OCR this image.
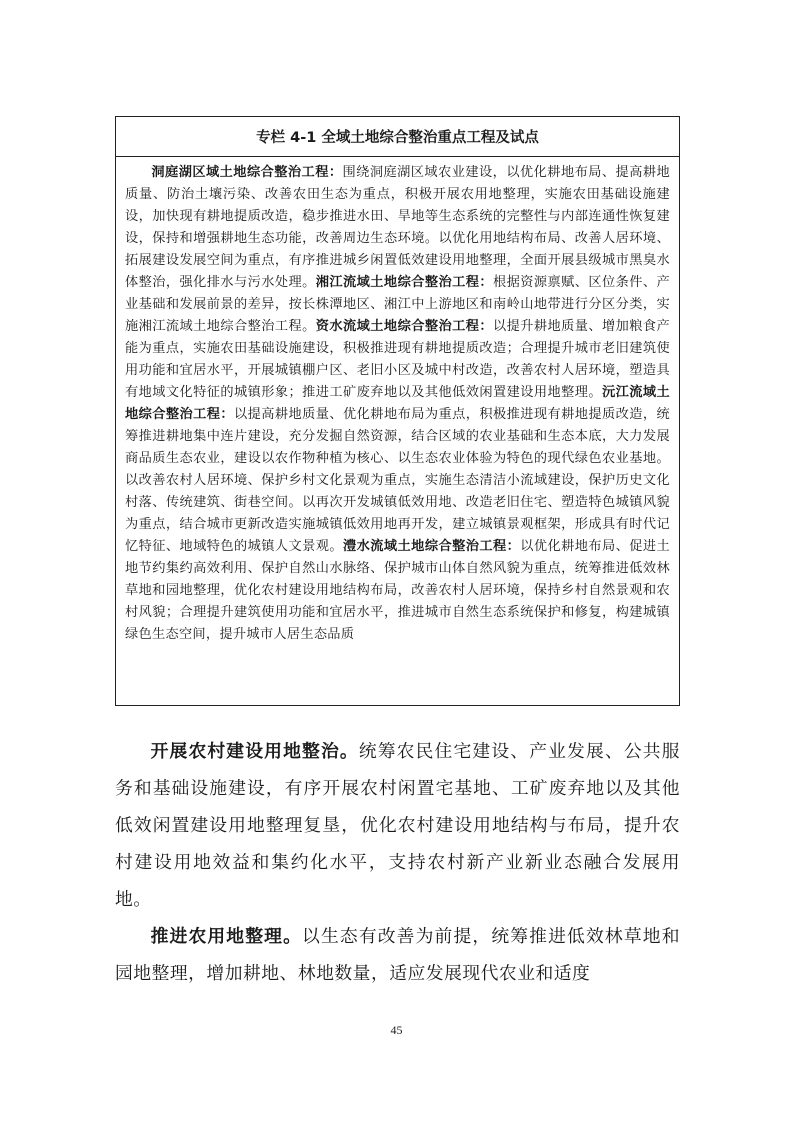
专栏 4-1 全域土地综合整治重点工程及试点
洞庭湖区域土地综合整治工程：围绕洞庭湖区域农业建设，以优化耕地布局、提高耕地质量、防治土壤污染、改善农田生态为重点，积极开展农用地整理，实施农田基础设施建设，加快现有耕地提质改造，稳步推进水田、旱地等生态系统的完整性与内部连通性恢复建设，保持和增强耕地生态功能，改善周边生态环境。以优化用地结构布局、改善人居环境、拓展建设发展空间为重点，有序推进城乡闲置低效建设用地整理，全面开展县级城市黑臭水体整治，强化排水与污水处理。湘江流域土地综合整治工程：根据资源禀赋、区位条件、产业基础和发展前景的差异，按长株潭地区、湘江中上游地区和南岭山地带进行分区分类，实施湘江流域土地综合整治工程。资水流域土地综合整治工程：以提升耕地质量、增加粮食产能为重点，实施农田基础设施建设，积极推进现有耕地提质改造；合理提升城市老旧建筑使用功能和宜居水平，开展城镇棚户区、老旧小区及城中村改造，改善农村人居环境，塑造具有地域文化特征的城镇形象；推进工矿废弃地以及其他低效闲置建设用地整理。沅江流域土地综合整治工程：以提高耕地质量、优化耕地布局为重点，积极推进现有耕地提质改造，统筹推进耕地集中连片建设，充分发掘自然资源，结合区域的农业基础和生态本底，大力发展商品质生态农业，建设以农作物种植为核心、以生态农业体验为特色的现代绿色农业基地。以改善农村人居环境、保护乡村文化景观为重点，实施生态清洁小流域建设，保护历史文化村落、传统建筑、街巷空间。以再次开发城镇低效用地、改造老旧住宅、塑造特色城镇风貌为重点，结合城市更新改造实施城镇低效用地再开发，建立城镇景观框架，形成具有时代记忆特征、地域特色的城镇人文景观。澧水流域土地综合整治工程：以优化耕地布局、促进土地节约集约高效利用、保护自然山水脉络、保护城市山体自然风貌为重点，统筹推进低效林草地和园地整理，优化农村建设用地结构布局，改善农村人居环境，保持乡村自然景观和农村风貌；合理提升建筑使用功能和宜居水平，推进城市自然生态系统保护和修复，构建城镇绿色生态空间，提升城市人居生态品质

开展农村建设用地整治。统筹农民住宅建设、产业发展、公共服务和基础设施建设，有序开展农村闲置宅基地、工矿废弃地以及其他低效闲置建设用地整理复垦，优化农村建设用地结构与布局，提升农村建设用地效益和集约化水平，支持农村新产业新业态融合发展用地。

推进农用地整理。以生态有改善为前提，统筹推进低效林草地和园地整理，增加耕地、林地数量，适应发展现代农业和适度

45
